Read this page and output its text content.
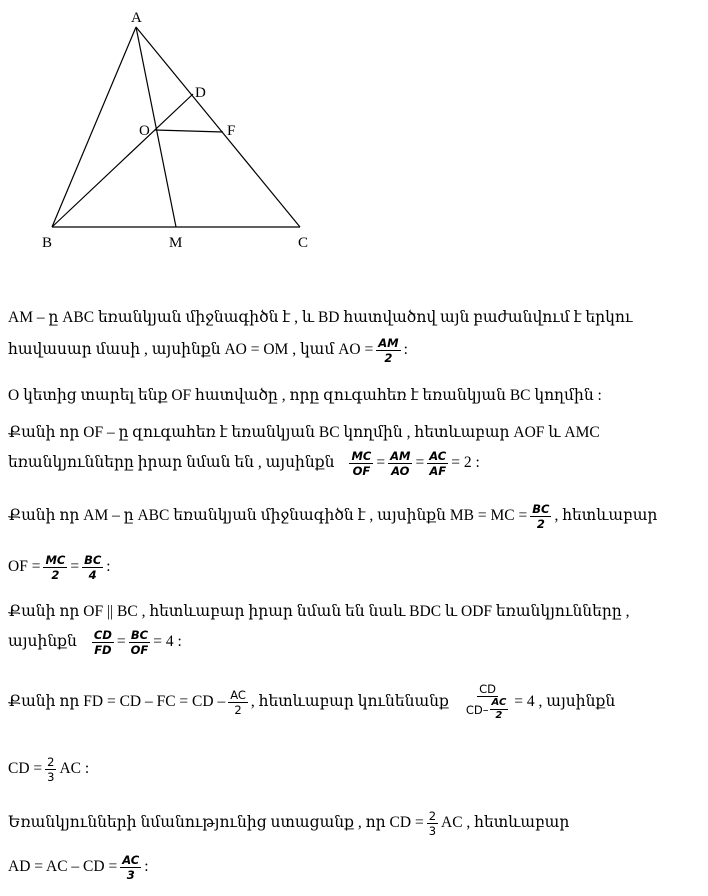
A
B	C
D
F
O
M
AM – ը ABC եռանկյան միջնագիծն է , և BD հատվածով այն բաժանվում է երկու
հավասար մասի , այսինքն AO = OM , կամ AO = $\frac{AM}{2}$ :
O կետից տարել ենք OF հատվածը , որը զուգահեռ է եռանկյան BC կողմին :
Քանի որ OF – ը զուգահեռ է եռանկյան BC կողմին , հետևաբար AOF և AMC
եռանկյունները իրար նման են , այսինքն $\frac{MC}{OF} = \frac{AM}{AO} = \frac{AC}{AF} = 2$ :
Քանի որ AM – ը ABC եռանկյան միջնագիծն է , այսինքն MB = MC = $\frac{BC}{2}$ , հետևաբար
OF = $\frac{MC}{2} = \frac{BC}{4}$ :
Քանի որ OF || BC , հետևաբար իրար նման են նաև BDC և ODF եռանկյունները ,
այսինքն $\frac{CD}{FD} = \frac{BC}{OF} = 4$ :
Քանի որ FD = CD – FC = CD – $\frac{AC}{2}$ , հետևաբար կունենանք $\frac{CD}{CD- \frac{AC}{2}} = 4$ , այսինքն
CD = $\frac{2}{3}$ AC :
Եռանկյունների նմանությունից ստացանք , որ CD = $\frac{2}{3}$ AC , հետևաբար
AD = AC – CD = $\frac{AC}{3}$ :
